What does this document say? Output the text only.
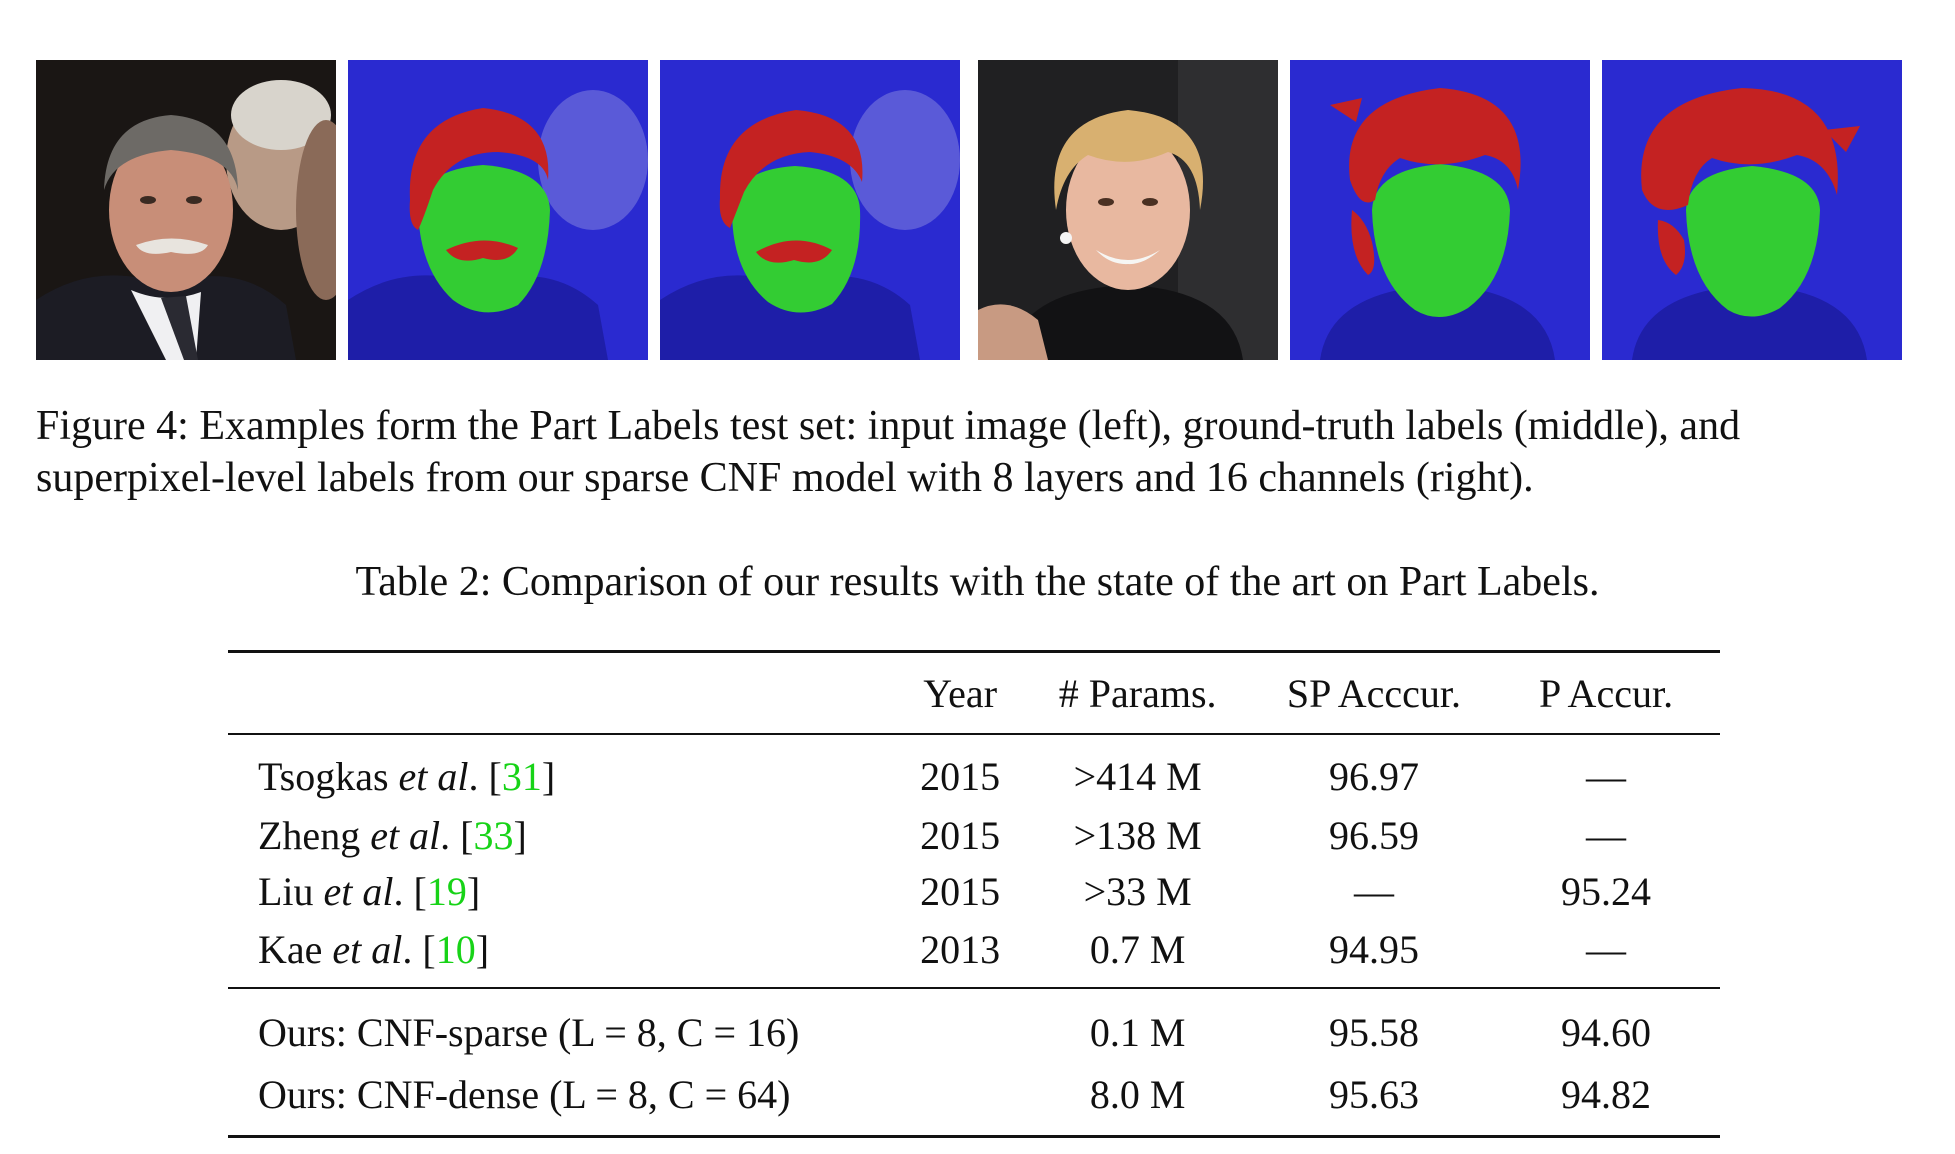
Figure 4: Examples form the Part Labels test set: input image (left), ground-truth labels (middle), and superpixel-level labels from our sparse CNF model with 8 layers and 16 channels (right).

Table 2: Comparison of our results with the state of the art on Part Labels.

	Year	# Params.	SP Acccur.	P Accur.
Tsogkas et al. [31]	2015	>414 M	96.97	—
Zheng et al. [33]	2015	>138 M	96.59	—
Liu et al. [19]	2015	>33 M	—	95.24
Kae et al. [10]	2013	0.7 M	94.95	—
Ours: CNF-sparse (L = 8, C = 16)		0.1 M	95.58	94.60
Ours: CNF-dense (L = 8, C = 64)		8.0 M	95.63	94.82
